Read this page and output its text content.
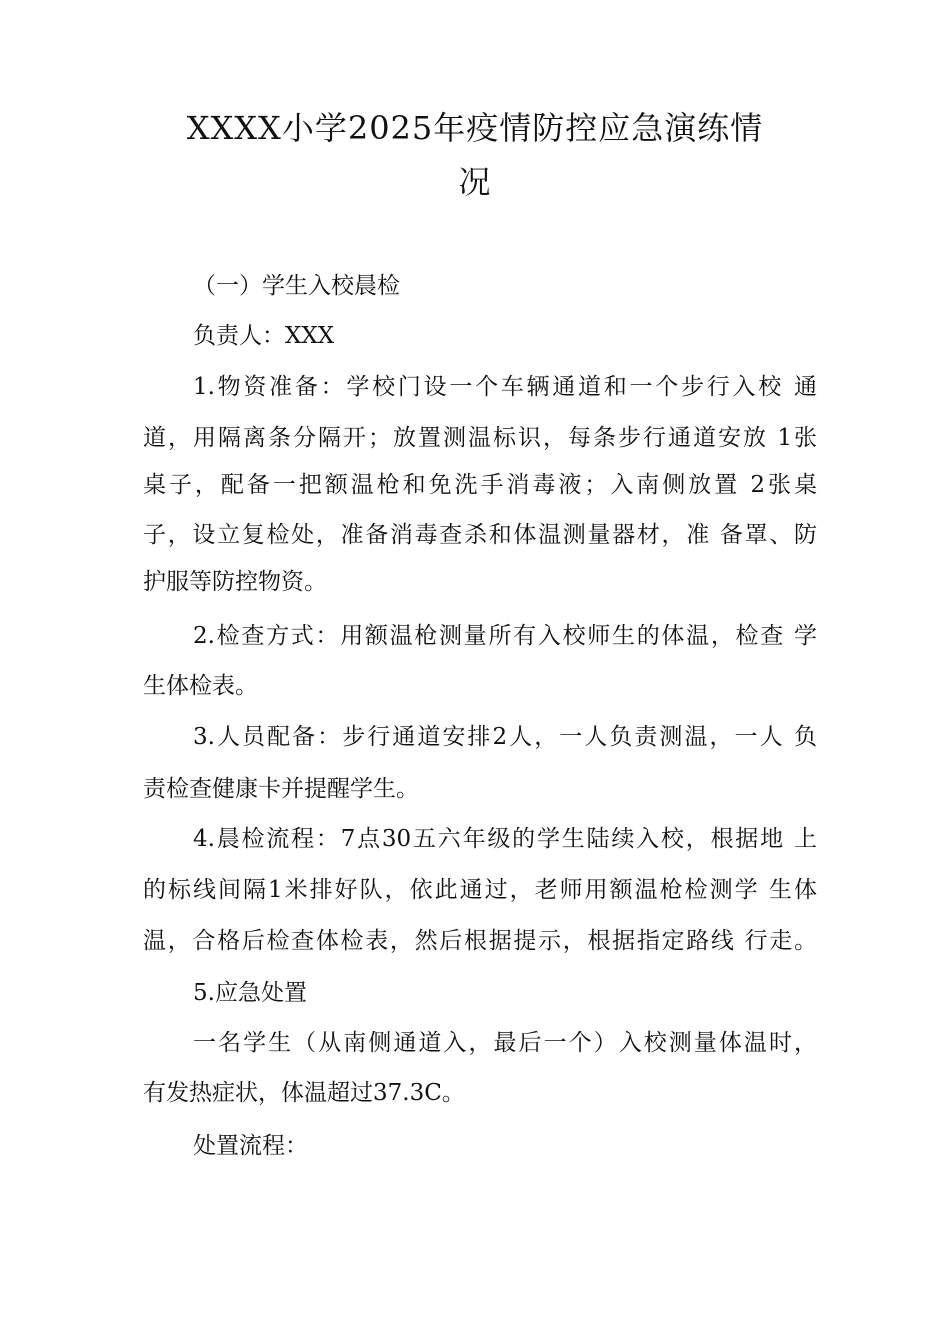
XXXX小学2025年疫情防控应急演练情
况

（一）学生入校晨检

负责人：XXX

1.物资准备：学校门设一个车辆通道和一个步行入校 通

道，用隔离条分隔开；放置测温标识，每条步行通道安放 1张

桌子，配备一把额温枪和免洗手消毒液；入南侧放置 2张桌

子，设立复检处，准备消毒查杀和体温测量器材，准 备罩、防

护服等防控物资。

2.检查方式：用额温枪测量所有入校师生的体温，检查 学

生体检表。

3.人员配备：步行通道安排2人，一人负责测温，一人 负

责检查健康卡并提醒学生。

4.晨检流程：7点30五六年级的学生陆续入校，根据地 上

的标线间隔1米排好队，依此通过，老师用额温枪检测学 生体

温，合格后检查体检表，然后根据提示，根据指定路线 行走。

5.应急处置

一名学生（从南侧通道入，最后一个）入校测量体温时，

有发热症状，体温超过37.3C。

处置流程：
